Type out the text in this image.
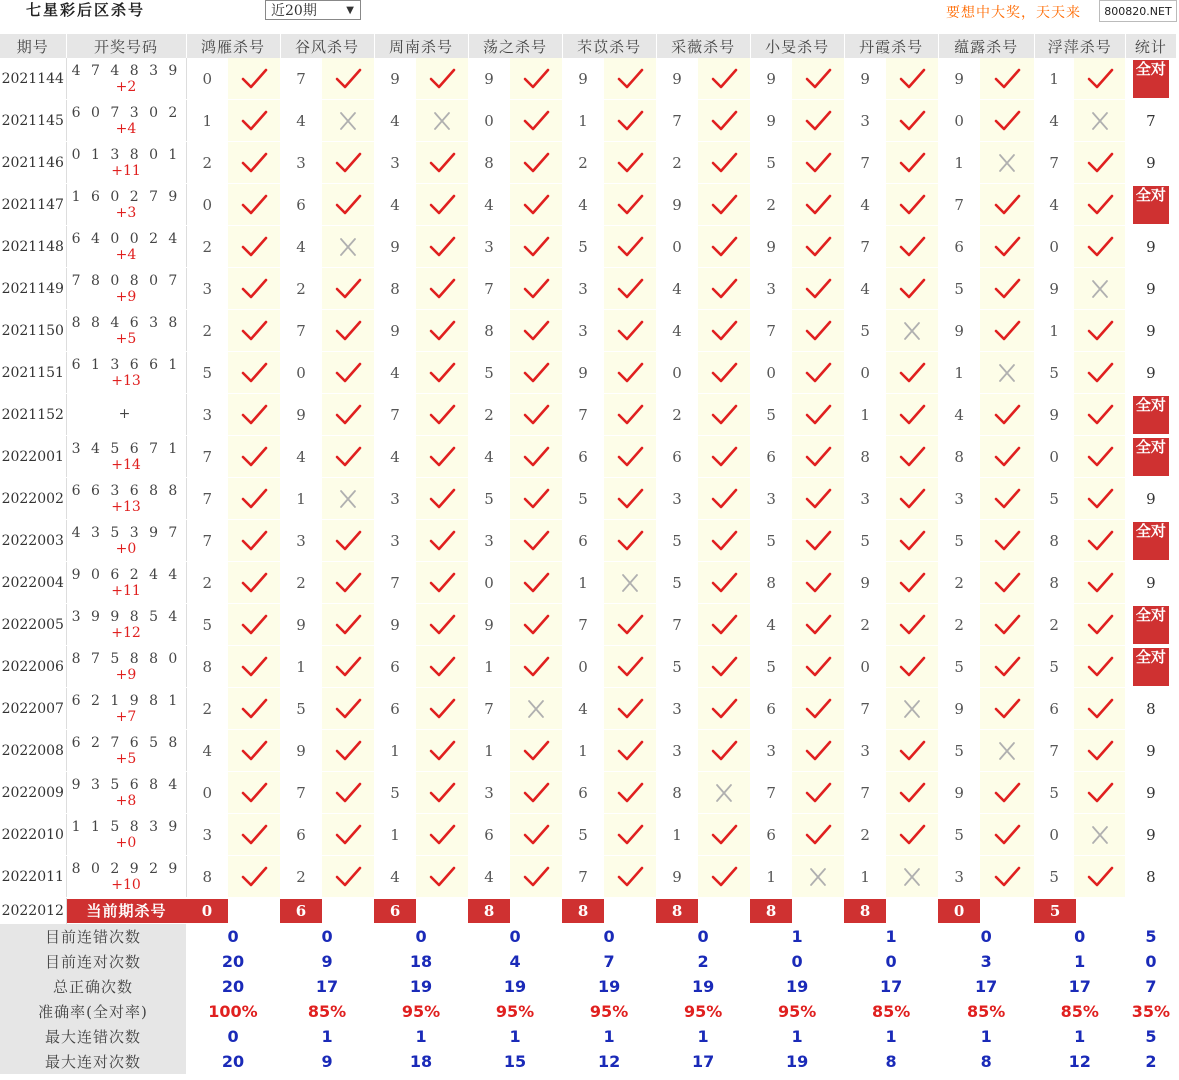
七星彩后区杀号	近20期	▼	要想中大奖，天天来	800820.NET
期号	开奖号码	鸿雁杀号		谷风杀号		周南杀号		荡之杀号		芣苡杀号		采薇杀号		小旻杀号		丹霞杀号		蕴露杀号		浮萍杀号		统计
2021144	4 7 4 8 3 9
+2	0		7		9		9		9		9		9		9		9		1		全对
2021145	6 0 7 3 0 2
+4	1		4		4		0		1		7		9		3		0		4		7
2021146	0 1 3 8 0 1
+11	2		3		3		8		2		2		5		7		1		7		9
2021147	1 6 0 2 7 9
+3	0		6		4		4		4		9		2		4		7		4		全对
2021148	6 4 0 0 2 4
+4	2		4		9		3		5		0		9		7		6		0		9
2021149	7 8 0 8 0 7
+9	3		2		8		7		3		4		3		4		5		9		9
2021150	8 8 4 6 3 8
+5	2		7		9		8		3		4		7		5		9		1		9
2021151	6 1 3 6 6 1
+13	5		0		4		5		9		0		0		0		1		5		9
2021152	+	3		9		7		2		7		2		5		1		4		9		全对
2022001	3 4 5 6 7 1
+14	7		4		4		4		6		6		6		8		8		0		全对
2022002	6 6 3 6 8 8
+13	7		1		3		5		5		3		3		3		3		5		9
2022003	4 3 5 3 9 7
+0	7		3		3		3		6		5		5		5		5		8		全对
2022004	9 0 6 2 4 4
+11	2		2		7		0		1		5		8		9		2		8		9
2022005	3 9 9 8 5 4
+12	5		9		9		9		7		7		4		2		2		2		全对
2022006	8 7 5 8 8 0
+9	8		1		6		1		0		5		5		0		5		5		全对
2022007	6 2 1 9 8 1
+7	2		5		6		7		4		3		6		7		9		6		8
2022008	6 2 7 6 5 8
+5	4		9		1		1		1		3		3		3		5		7		9
2022009	9 3 5 6 8 4
+8	0		7		5		3		6		8		7		7		9		5		9
2022010	1 1 5 8 3 9
+0	3		6		1		6		5		1		6		2		5		0		9
2022011	8 0 2 9 2 9
+10	8		2		4		4		7		9		1		1		3		5		8
2022012	当前期杀号	0		6		6		8		8		8		8		8		0		5		
目前连错次数		0		0		0		0		0		0		1		1		0		0		5
目前连对次数		20		9		18		4		7		2		0		0		3		1		0
总正确次数		20		17		19		19		19		19		19		17		17		17		7
准确率(全对率)		100%		85%		95%		95%		95%		95%		95%		85%		85%		85%		35%
最大连错次数		0		1		1		1		1		1		1		1		1		1		5
最大连对次数		20		9		18		15		12		17		19		8		8		12		2
